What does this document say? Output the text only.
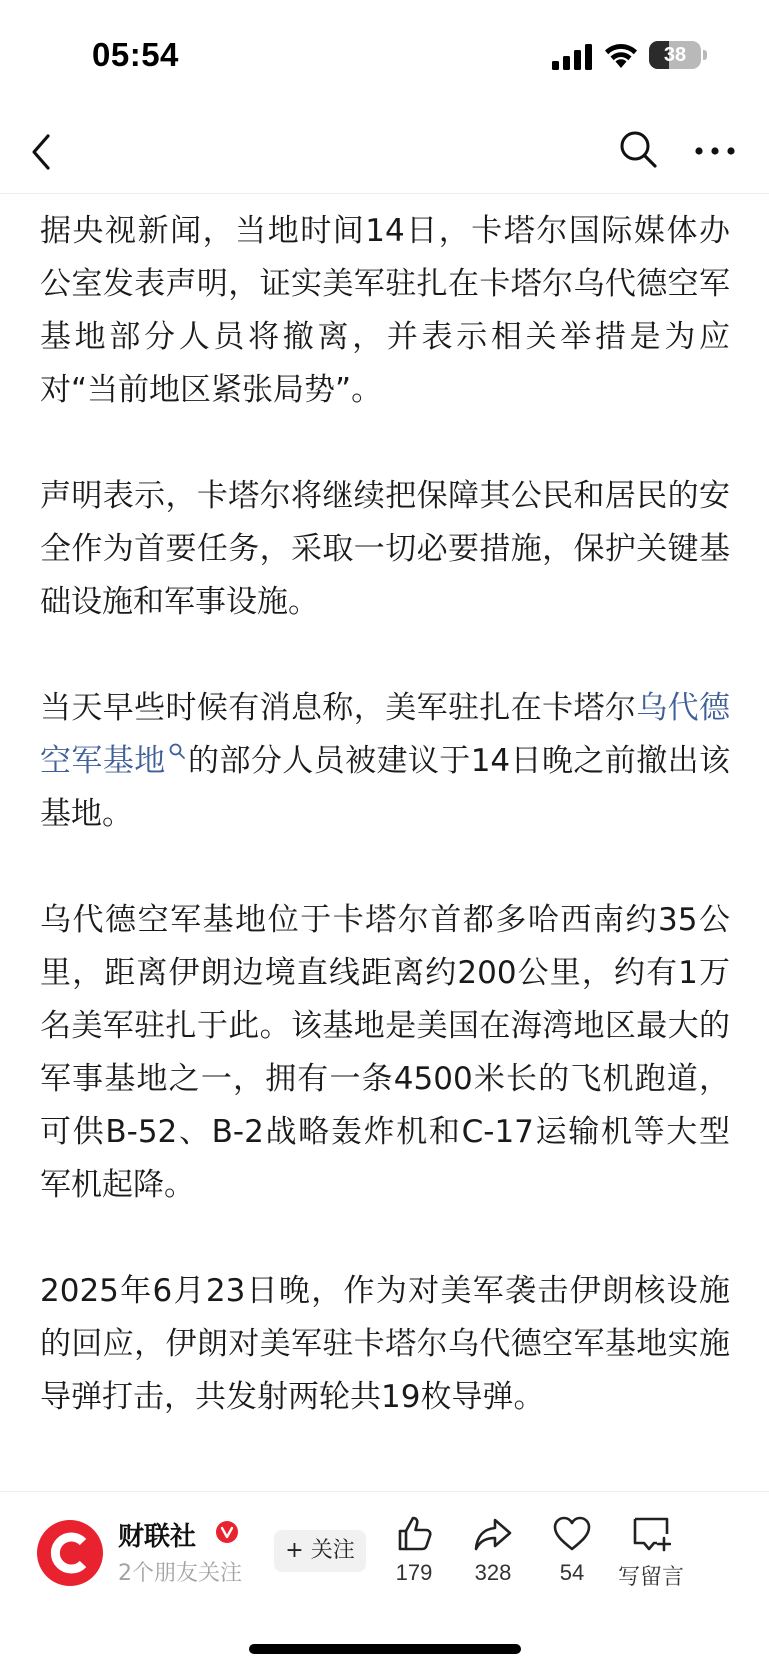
05:54	38

据央视新闻，当地时间14日，卡塔尔国际媒体办公室发表声明，证实美军驻扎在卡塔尔乌代德空军基地部分人员将撤离，并表示相关举措是为应对“当前地区紧张局势”。

声明表示，卡塔尔将继续把保障其公民和居民的安全作为首要任务，采取一切必要措施，保护关键基础设施和军事设施。

当天早些时候有消息称，美军驻扎在卡塔尔乌代德空军基地 的部分人员被建议于14日晚之前撤出该基地。

乌代德空军基地位于卡塔尔首都多哈西南约35公里，距离伊朗边境直线距离约200公里，约有1万名美军驻扎于此。该基地是美国在海湾地区最大的军事基地之一，拥有一条4500米长的飞机跑道，可供B-52、B-2战略轰炸机和C-17运输机等大型军机起降。

2025年6月23日晚，作为对美军袭击伊朗核设施的回应，伊朗对美军驻卡塔尔乌代德空军基地实施导弹打击，共发射两轮共19枚导弹。

财联社
2个朋友关注
+ 关注
179	328	54	写留言
